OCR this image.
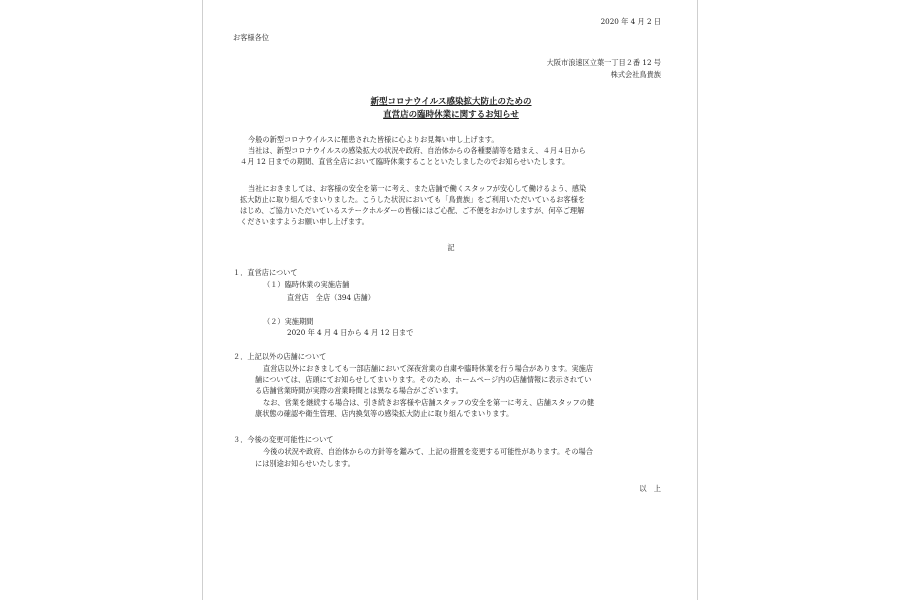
2020 年 4 月 2 日
お客様各位
大阪市浪速区立葉一丁目２番 12 号
株式会社鳥貴族
新型コロナウイルス感染拡大防止のための
直営店の臨時休業に関するお知らせ
今般の新型コロナウイルスに罹患された皆様に心よりお見舞い申し上げます。
当社は、新型コロナウイルスの感染拡大の状況や政府、自治体からの各種要請等を踏まえ、４月４日から
４月 12 日までの期間、直営全店において臨時休業することといたしましたのでお知らせいたします。
当社におきましては、お客様の安全を第一に考え、また店舗で働くスタッフが安心して働けるよう、感染
拡大防止に取り組んでまいりました。こうした状況においても「鳥貴族」をご利用いただいているお客様を
はじめ、ご協力いただいているステークホルダーの皆様にはご心配、ご不便をおかけしますが、何卒ご理解
くださいますようお願い申し上げます。
記
１．直営店について
（１）臨時休業の実施店舗
直営店　全店（394 店舗）
（２）実施期間
2020 年 4 月 4 日から 4 月 12 日まで
２．上記以外の店舗について
直営店以外におきましても一部店舗において深夜営業の自粛や臨時休業を行う場合があります。実施店
舗については、店頭にてお知らせしてまいります。そのため、ホームページ内の店舗情報に表示されてい
る店舗営業時間が実際の営業時間とは異なる場合がございます。
なお、営業を継続する場合は、引き続きお客様や店舗スタッフの安全を第一に考え、店舗スタッフの健
康状態の確認や衛生管理、店内換気等の感染拡大防止に取り組んでまいります。
３．今後の変更可能性について
今後の状況や政府、自治体からの方針等を鑑みて、上記の措置を変更する可能性があります。その場合
には別途お知らせいたします。
以　上
